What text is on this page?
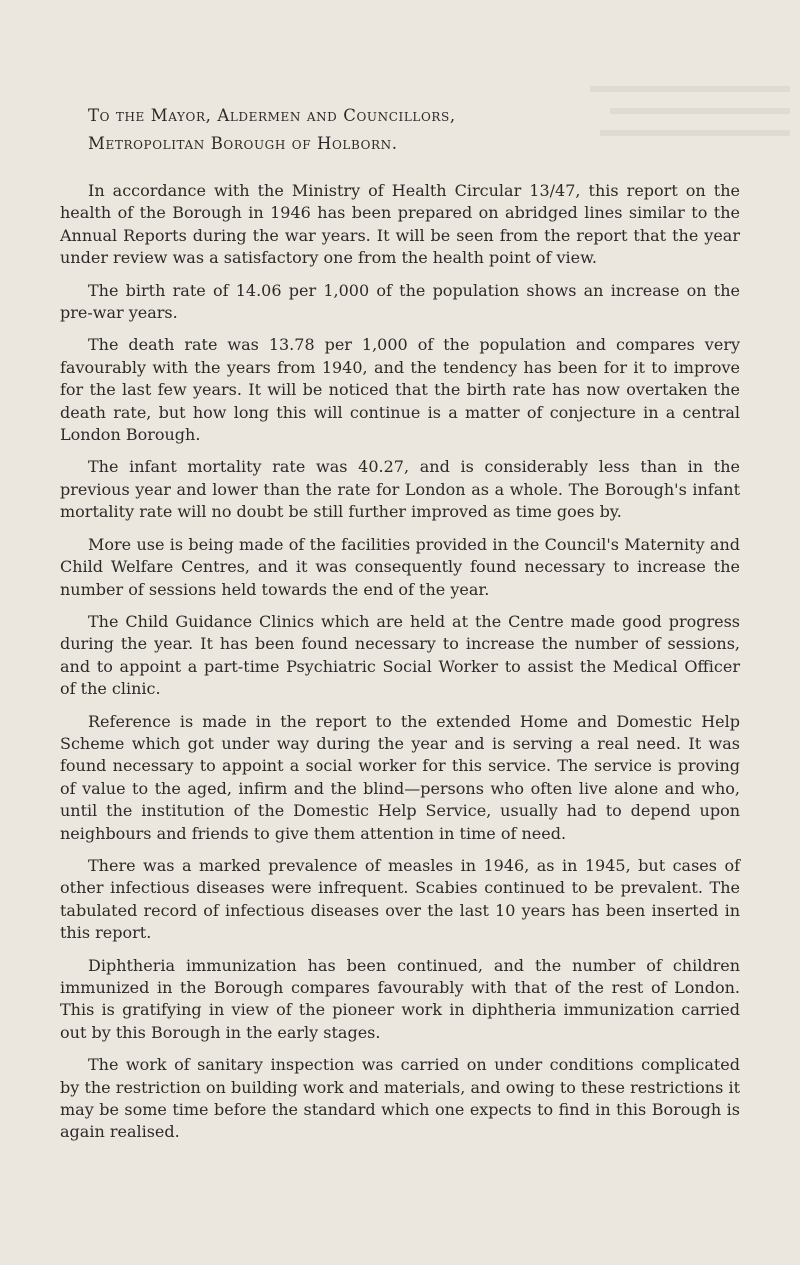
To the Mayor, Aldermen and Councillors,
Metropolitan Borough of Holborn.

In accordance with the Ministry of Health Circular 13/47, this report on the health of the Borough in 1946 has been prepared on abridged lines similar to the Annual Reports during the war years. It will be seen from the report that the year under review was a satisfactory one from the health point of view.

The birth rate of 14.06 per 1,000 of the population shows an increase on the pre-war years.

The death rate was 13.78 per 1,000 of the population and compares very favourably with the years from 1940, and the tendency has been for it to improve for the last few years. It will be noticed that the birth rate has now overtaken the death rate, but how long this will continue is a matter of conjecture in a central London Borough.

The infant mortality rate was 40.27, and is considerably less than in the previous year and lower than the rate for London as a whole. The Borough's infant mortality rate will no doubt be still further improved as time goes by.

More use is being made of the facilities provided in the Council's Maternity and Child Welfare Centres, and it was consequently found necessary to increase the number of sessions held towards the end of the year.

The Child Guidance Clinics which are held at the Centre made good progress during the year. It has been found necessary to increase the number of sessions, and to appoint a part-time Psychiatric Social Worker to assist the Medical Officer of the clinic.

Reference is made in the report to the extended Home and Domestic Help Scheme which got under way during the year and is serving a real need. It was found necessary to appoint a social worker for this service. The service is proving of value to the aged, infirm and the blind—persons who often live alone and who, until the institution of the Domestic Help Service, usually had to depend upon neighbours and friends to give them attention in time of need.

There was a marked prevalence of measles in 1946, as in 1945, but cases of other infectious diseases were infrequent. Scabies continued to be prevalent. The tabulated record of infectious diseases over the last 10 years has been inserted in this report.

Diphtheria immunization has been continued, and the number of children immunized in the Borough compares favourably with that of the rest of London. This is gratifying in view of the pioneer work in diphtheria immunization carried out by this Borough in the early stages.

The work of sanitary inspection was carried on under conditions complicated by the restriction on building work and materials, and owing to these restrictions it may be some time before the standard which one expects to find in this Borough is again realised.
